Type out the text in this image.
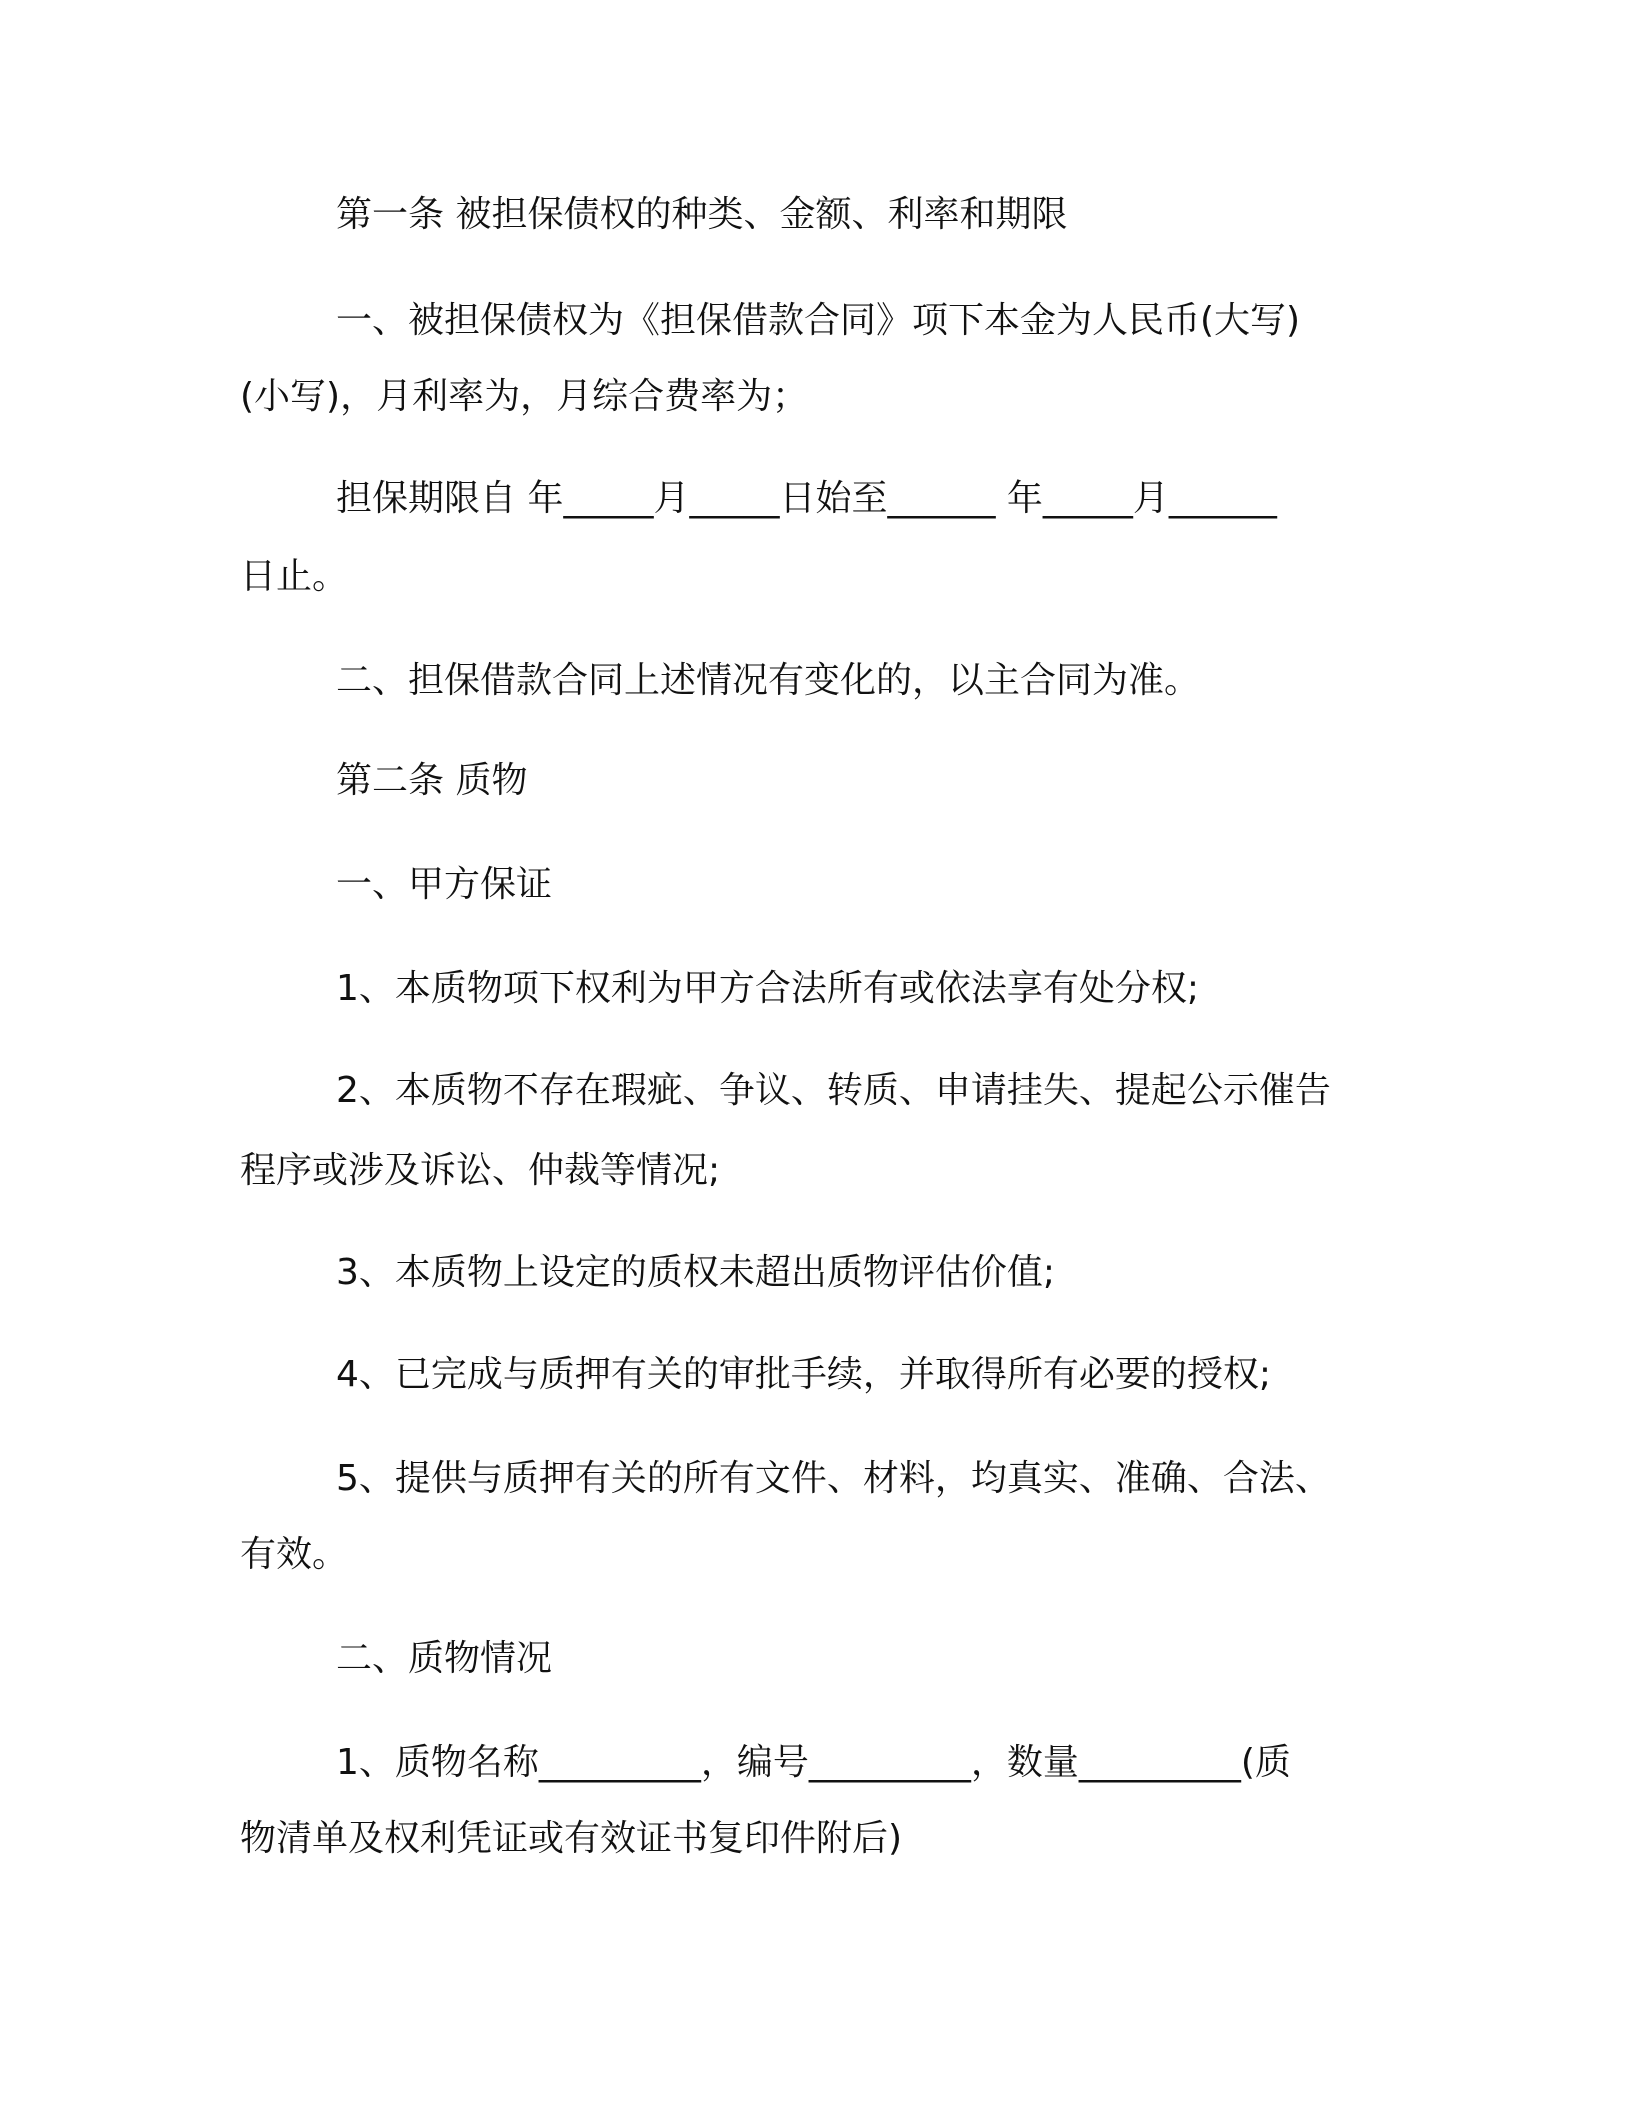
第一条 被担保债权的种类、金额、利率和期限

一、被担保债权为《担保借款合同》项下本金为人民币(大写)

(小写)，月利率为，月综合费率为；

担保期限自 年_____月_____日始至______ 年_____月______

日止。

二、担保借款合同上述情况有变化的，以主合同为准。

第二条 质物

一、甲方保证

1、本质物项下权利为甲方合法所有或依法享有处分权;

2、本质物不存在瑕疵、争议、转质、申请挂失、提起公示催告

程序或涉及诉讼、仲裁等情况;

3、本质物上设定的质权未超出质物评估价值;

4、已完成与质押有关的审批手续，并取得所有必要的授权;

5、提供与质押有关的所有文件、材料，均真实、准确、合法、

有效。

二、质物情况

1、质物名称_________，编号_________，数量_________(质

物清单及权利凭证或有效证书复印件附后)
